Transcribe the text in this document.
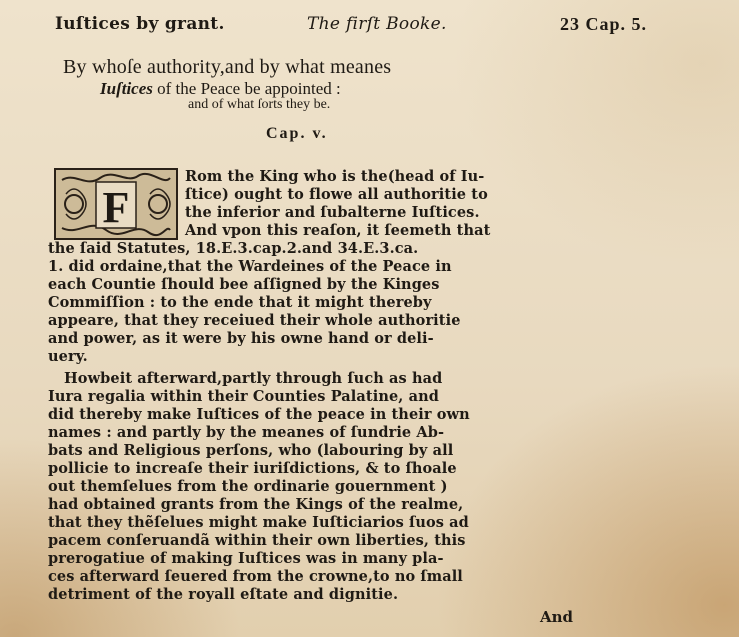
Iuſtices by grant.	The firſt Booke.	23 Cap. 5.
By whoſe authority,and by what meanes
Iuſtices of the Peace be appointed :
and of what ſorts they be.
Cap. v.
F
Rom the King who is the(head of Iu-
ſtice) ought to flowe all authoritie to
the inferior and ſubalterne Iuſtices.
And vpon this reaſon, it ſeemeth that
the ſaid Statutes, 18.E.3.cap.2.and 34.E.3.ca.
1. did ordaine,that the Wardeines of the Peace in
each Countie ſhould bee aſſigned by the Kinges
Commiſſion : to the ende that it might thereby
appeare, that they receiued their whole authoritie
and power, as it were by his owne hand or deli-
uery.
Howbeit afterward,partly through ſuch as had
Iura regalia within their Counties Palatine, and
did thereby make Iuſtices of the peace in their own
names : and partly by the meanes of ſundrie Ab-
bats and Religious perſons, who (labouring by all
pollicie to increaſe their iuriſdictions, & to ſhoale
out themſelues from the ordinarie gouernment )
had obtained grants from the Kings of the realme,
that they thẽſelues might make Iuſticiarios ſuos ad
pacem conſeruandã within their own liberties, this
prerogatiue of making Iuſtices was in many pla-
ces afterward ſeuered from the crowne,to no ſmall
detriment of the royall eſtate and dignitie.
And
